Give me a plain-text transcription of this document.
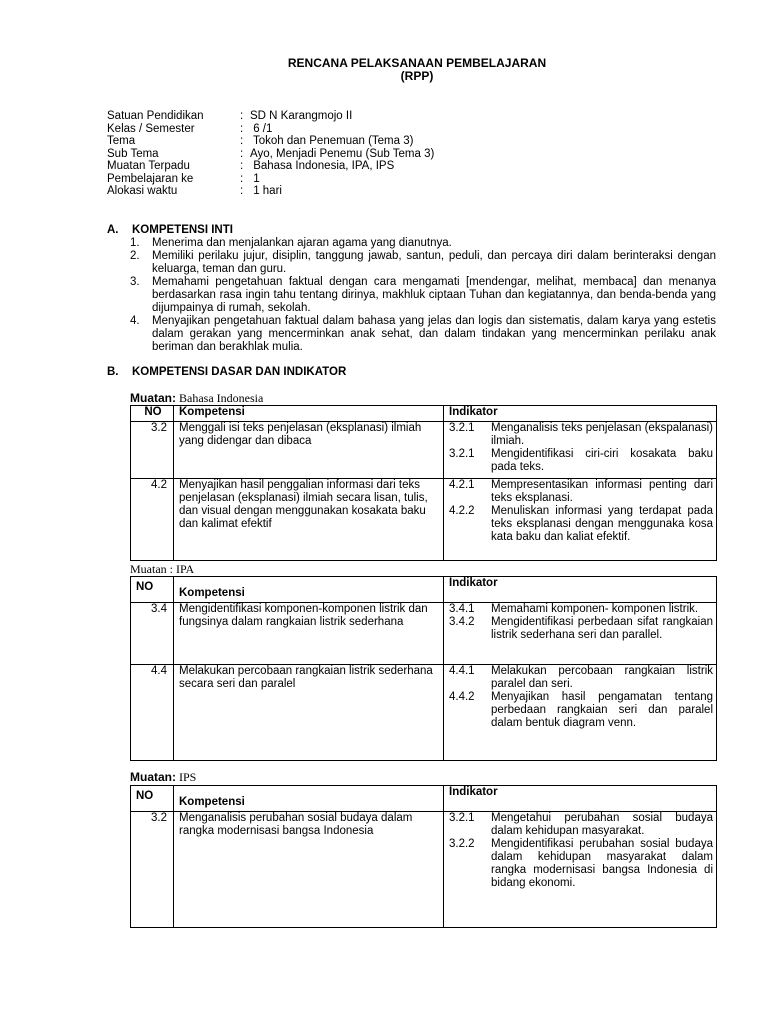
RENCANA PELAKSANAAN PEMBELAJARAN
(RPP)
Satuan Pendidikan	:	SD N Karangmojo II
Kelas / Semester	:	6 /1
Tema	:	Tokoh dan Penemuan (Tema 3)
Sub Tema	:	Ayo, Menjadi Penemu (Sub Tema 3)
Muatan Terpadu	:	Bahasa Indonesia, IPA, IPS
Pembelajaran ke	:	1
Alokasi waktu	:	1 hari
A. KOMPETENSI INTI
1. Menerima dan menjalankan ajaran agama yang dianutnya.
2. Memiliki perilaku jujur, disiplin, tanggung jawab, santun, peduli, dan percaya diri dalam berinteraksi dengan keluarga, teman dan guru.
3. Memahami pengetahuan faktual dengan cara mengamati [mendengar, melihat, membaca] dan menanya berdasarkan rasa ingin tahu tentang dirinya, makhluk ciptaan Tuhan dan kegiatannya, dan benda-benda yang dijumpainya di rumah, sekolah.
4. Menyajikan pengetahuan faktual dalam bahasa yang jelas dan logis dan sistematis, dalam karya yang estetis dalam gerakan yang mencerminkan anak sehat, dan dalam tindakan yang mencerminkan perilaku anak beriman dan berakhlak mulia.
B. KOMPETENSI DASAR DAN INDIKATOR
Muatan: Bahasa Indonesia
NO	Kompetensi	Indikator
3.2	Menggali isi teks penjelasan (eksplanasi) ilmiah yang didengar dan dibaca	3.2.1 Menganalisis teks penjelasan (ekspalanasi) ilmiah.
3.2.1 Mengidentifikasi ciri-ciri kosakata baku pada teks.

4.2	Menyajikan hasil penggalian informasi dari teks penjelasan (eksplanasi) ilmiah secara lisan, tulis, dan visual dengan menggunakan kosakata baku dan kalimat efektif	4.2.1 Mempresentasikan informasi penting dari teks eksplanasi.
4.2.2 Menuliskan informasi yang terdapat pada teks eksplanasi dengan menggunaka kosa kata baku dan kaliat efektif.
Muatan : IPA
NO	Kompetensi	Indikator
3.4	Mengidentifikasi komponen-komponen listrik dan fungsinya dalam rangkaian listrik sederhana	3.4.1 Memahami komponen- komponen listrik.
3.4.2 Mengidentifikasi perbedaan sifat rangkaian listrik sederhana seri dan parallel.

4.4	Melakukan percobaan rangkaian listrik sederhana secara seri dan paralel	4.4.1 Melakukan percobaan rangkaian listrik paralel dan seri.
4.4.2 Menyajikan hasil pengamatan tentang perbedaan rangkaian seri dan paralel dalam bentuk diagram venn.
Muatan: IPS
NO	Kompetensi	Indikator
3.2	Menganalisis perubahan sosial budaya dalam rangka modernisasi bangsa Indonesia	3.2.1 Mengetahui perubahan sosial budaya dalam kehidupan masyarakat.
3.2.2 Mengidentifikasi perubahan sosial budaya dalam kehidupan masyarakat dalam rangka modernisasi bangsa Indonesia di bidang ekonomi.
